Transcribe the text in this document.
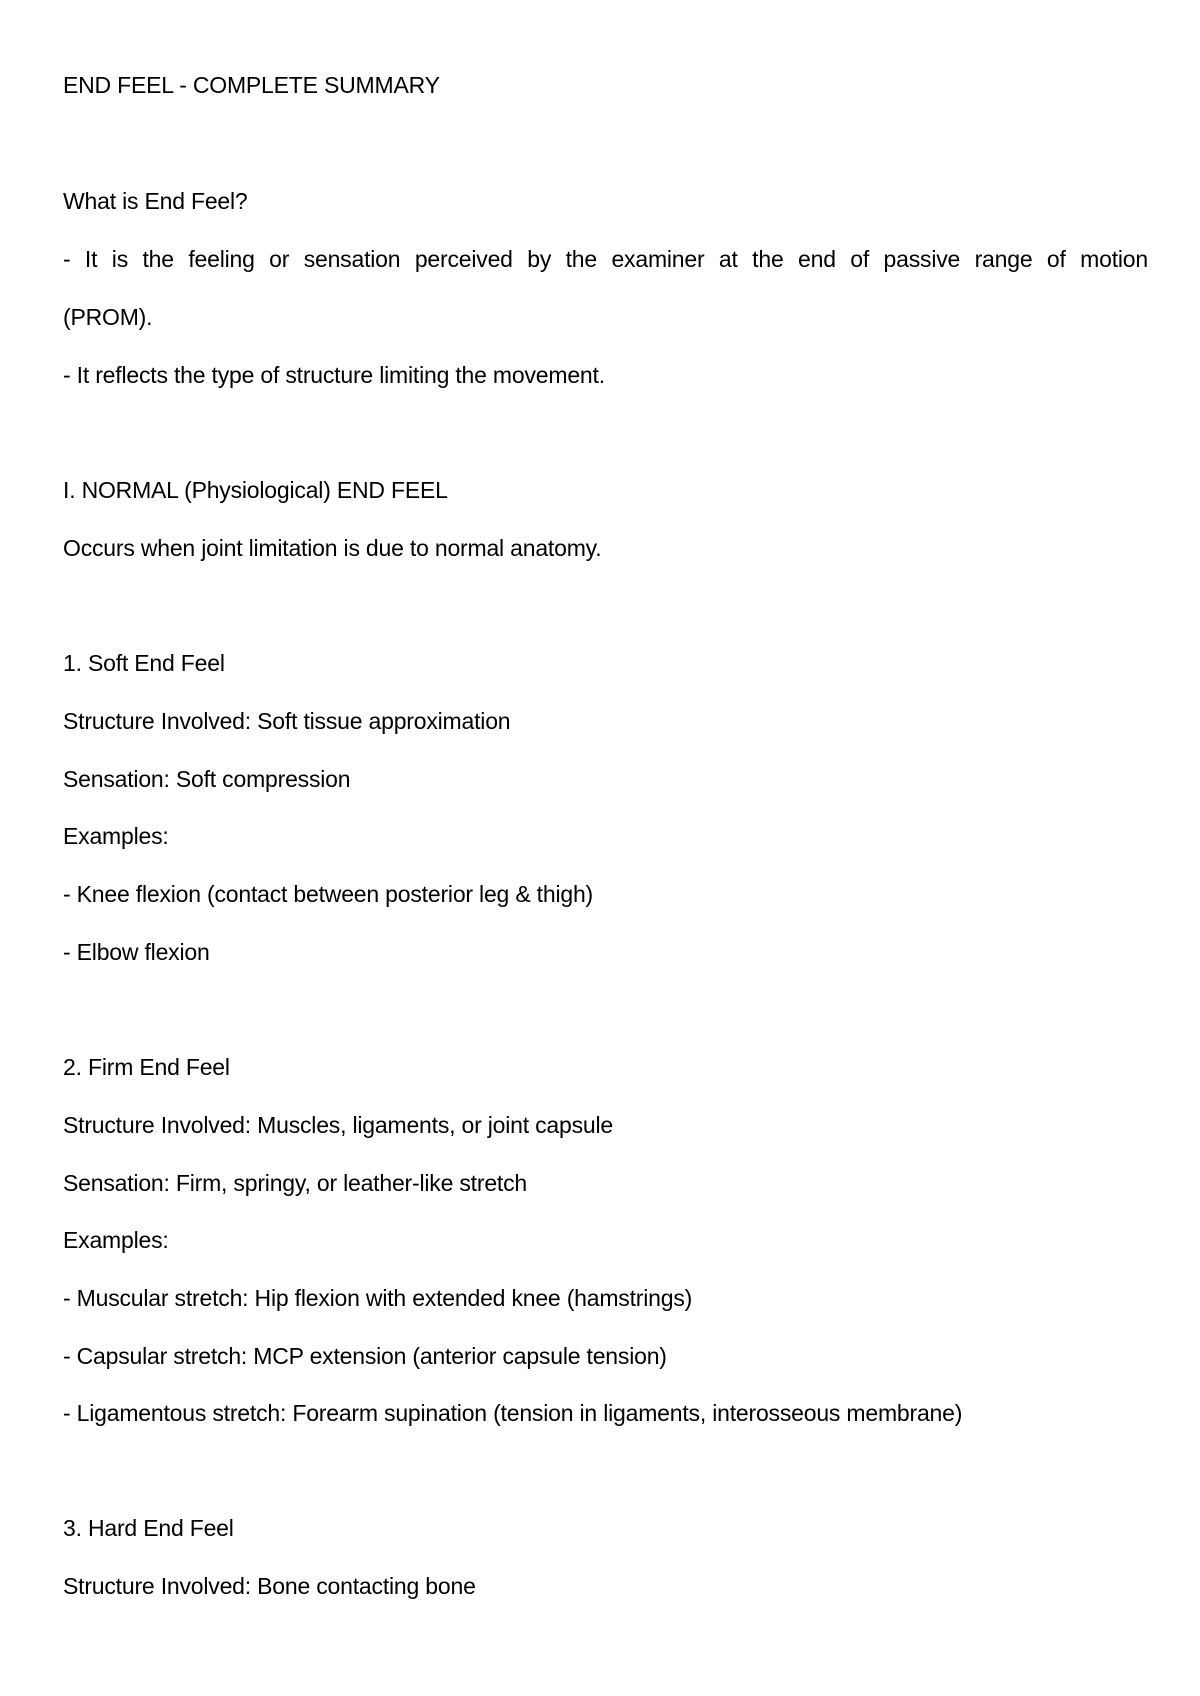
END FEEL - COMPLETE SUMMARY
What is End Feel?
- It is the feeling or sensation perceived by the examiner at the end of passive range of motion
(PROM).
- It reflects the type of structure limiting the movement.
I. NORMAL (Physiological) END FEEL
Occurs when joint limitation is due to normal anatomy.
1. Soft End Feel
Structure Involved: Soft tissue approximation
Sensation: Soft compression
Examples:
- Knee flexion (contact between posterior leg & thigh)
- Elbow flexion
2. Firm End Feel
Structure Involved: Muscles, ligaments, or joint capsule
Sensation: Firm, springy, or leather-like stretch
Examples:
- Muscular stretch: Hip flexion with extended knee (hamstrings)
- Capsular stretch: MCP extension (anterior capsule tension)
- Ligamentous stretch: Forearm supination (tension in ligaments, interosseous membrane)
3. Hard End Feel
Structure Involved: Bone contacting bone
